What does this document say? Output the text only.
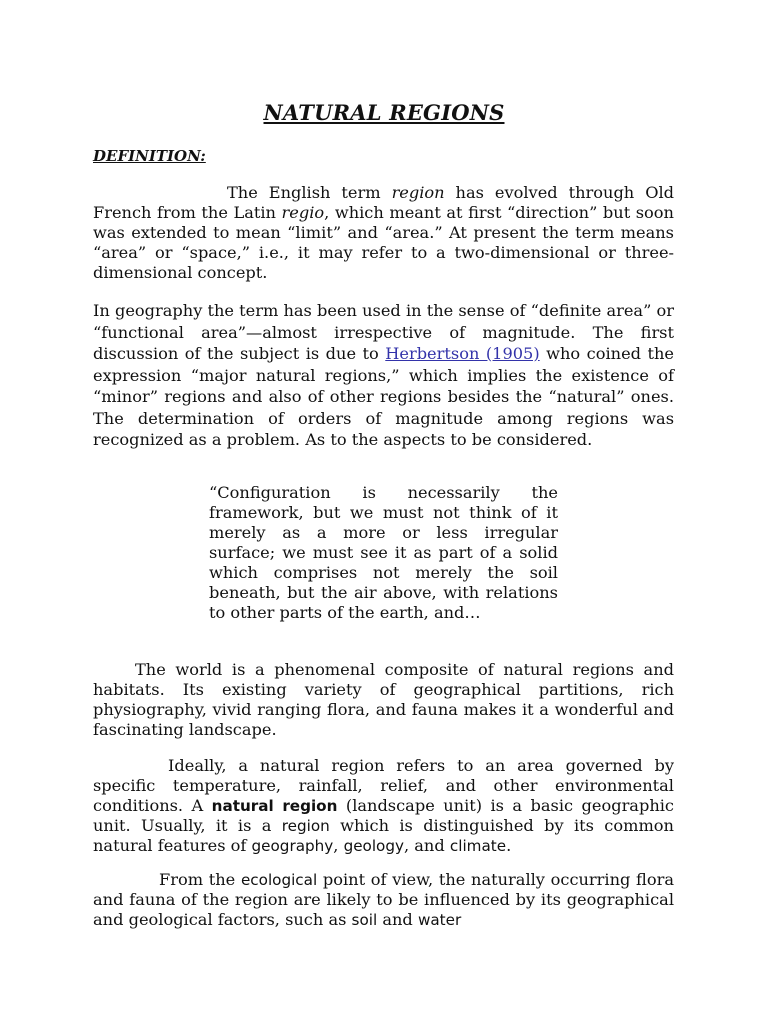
NATURAL REGIONS
DEFINITION:
The English term region has evolved through Old French from the Latin regio, which meant at first “direction” but soon was extended to mean “limit” and “area.” At present the term means “area” or “space,” i.e., it may refer to a two-dimensional or three-dimensional concept.
In geography the term has been used in the sense of “definite area” or “functional area”—almost irrespective of magnitude. The first discussion of the subject is due to Herbertson (1905) who coined the expression “major natural regions,” which implies the existence of “minor” regions and also of other regions besides the “natural” ones. The determination of orders of magnitude among regions was recognized as a problem. As to the aspects to be considered.
“Configuration is necessarily the framework, but we must not think of it merely as a more or less irregular surface; we must see it as part of a solid which comprises not merely the soil beneath, but the air above, with relations to other parts of the earth, and…
The world is a phenomenal composite of natural regions and habitats. Its existing variety of geographical partitions, rich physiography, vivid ranging flora, and fauna makes it a wonderful and fascinating landscape.
Ideally, a natural region refers to an area governed by specific temperature, rainfall, relief, and other environmental conditions. A natural region (landscape unit) is a basic geographic unit. Usually, it is a region which is distinguished by its common natural features of geography, geology, and climate.
From the ecological point of view, the naturally occurring flora and fauna of the region are likely to be influenced by its geographical and geological factors, such as soil and water
